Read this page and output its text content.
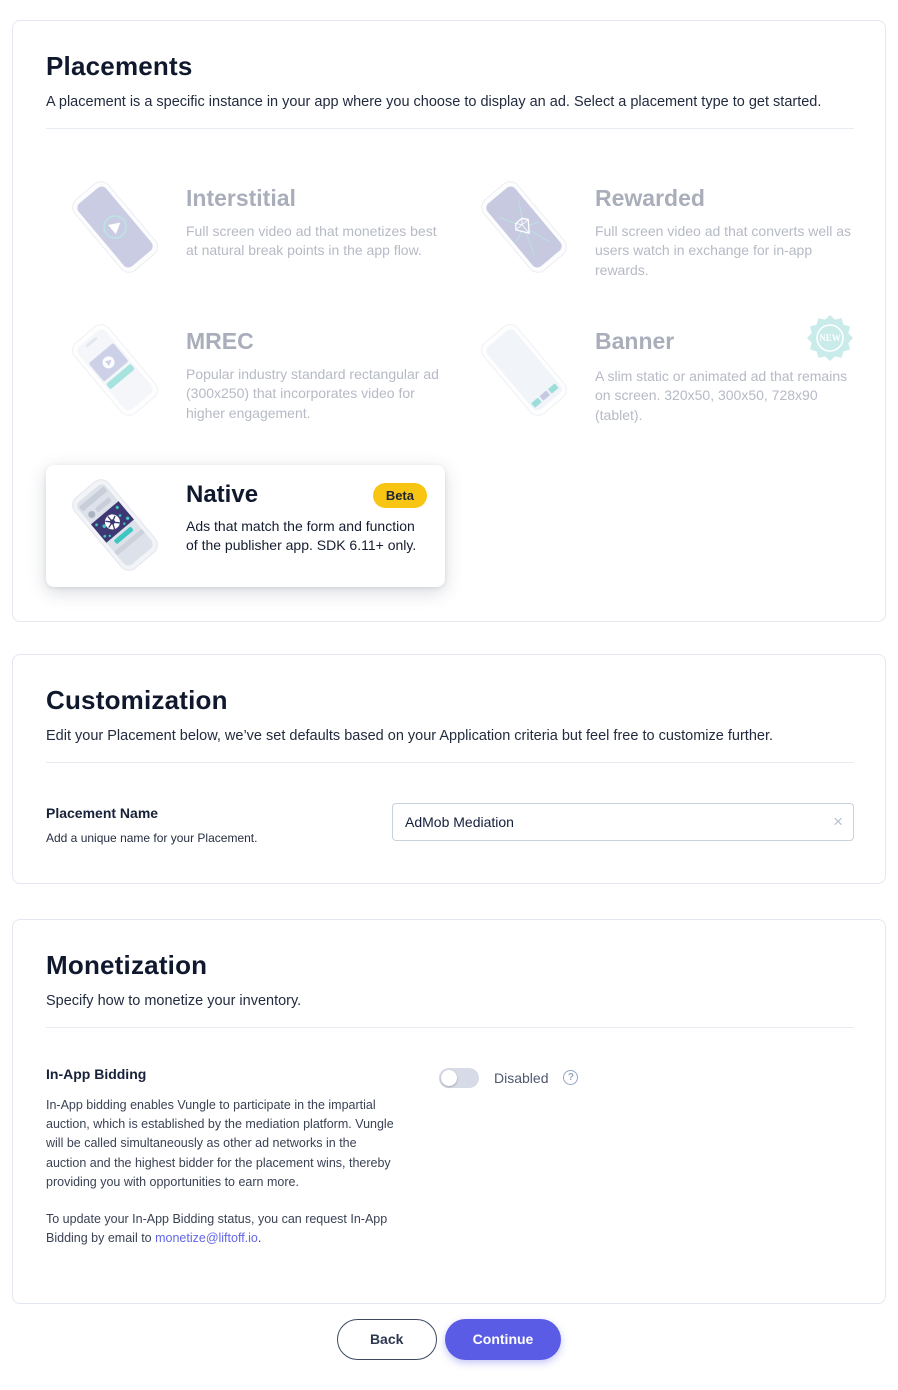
Placements

A placement is a specific instance in your app where you choose to display an ad. Select a placement type to get started.

Interstitial

Full screen video ad that monetizes best at natural break points in the app flow.

Rewarded

Full screen video ad that converts well as users watch in exchange for in-app rewards.

MREC

Popular industry standard rectangular ad (300x250) that incorporates video for higher engagement.

Banner	NEW

A slim static or animated ad that remains on screen. 320x50, 300x50, 728x90 (tablet).

Native	Beta

Ads that match the form and function of the publisher app. SDK 6.11+ only.

Customization

Edit your Placement below, we’ve set defaults based on your Application criteria but feel free to customize further.

Placement Name

Add a unique name for your Placement.

AdMob Mediation
×
Monetization

Specify how to monetize your inventory.

In-App Bidding

In-App bidding enables Vungle to participate in the impartial auction, which is established by the mediation platform. Vungle will be called simultaneously as other ad networks in the auction and the highest bidder for the placement wins, thereby providing you with opportunities to earn more.

To update your In-App Bidding status, you can request In-App Bidding by email to monetize@liftoff.io.

Disabled	?
Back	Continue
